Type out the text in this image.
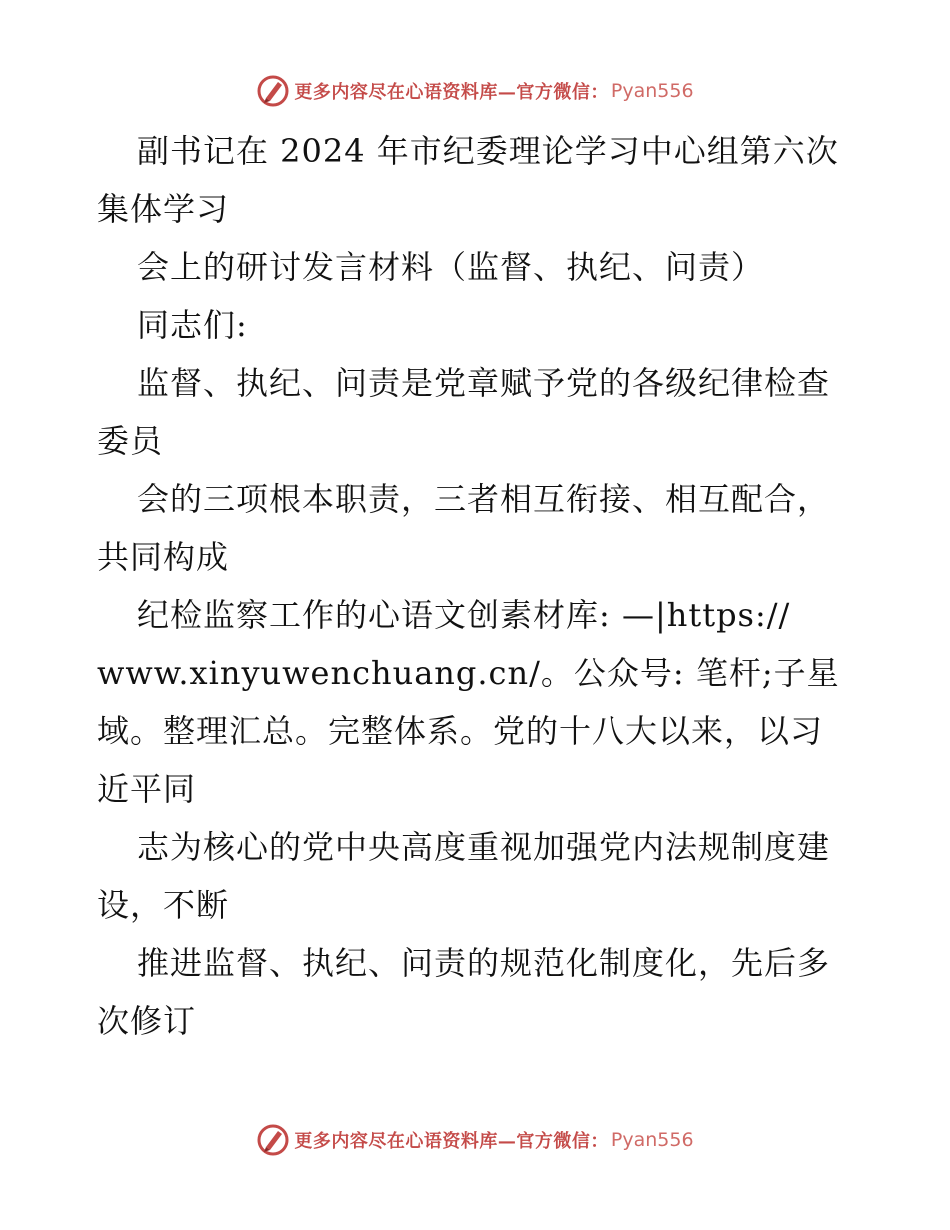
更多内容尽在心语资料库—官方微信： Pyan556
副书记在 2024 年市纪委理论学习中心组第六次
集体学习
会上的研讨发言材料（监督、执纪、问责）
同志们:
监督、执纪、问责是党章赋予党的各级纪律检查
委员
会的三项根本职责，三者相互衔接、相互配合，
共同构成
纪检监察工作的心语文创素材库: —|https://
www.xinyuwenchuang.cn/。公众号: 笔杆;子星
域。整理汇总。完整体系。党的十八大以来，以习
近平同
志为核心的党中央高度重视加强党内法规制度建
设，不断
推进监督、执纪、问责的规范化制度化，先后多
次修订
更多内容尽在心语资料库—官方微信： Pyan556
